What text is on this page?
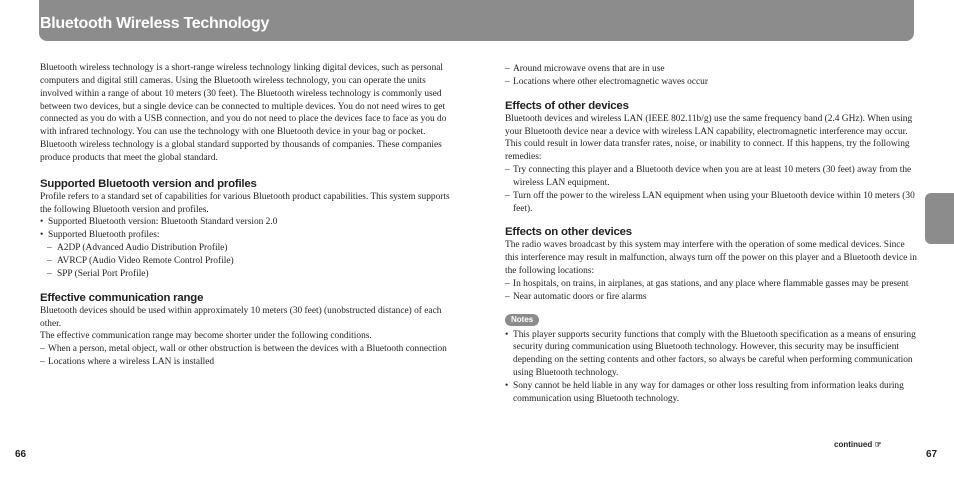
Bluetooth Wireless Technology

Bluetooth wireless technology is a short-range wireless technology linking digital devices, such as personal computers and digital still cameras. Using the Bluetooth wireless technology, you can operate the units involved within a range of about 10 meters (30 feet). The Bluetooth wireless technology is commonly used between two devices, but a single device can be connected to multiple devices. You do not need wires to get connected as you do with a USB connection, and you do not need to place the devices face to face as you do with infrared technology. You can use the technology with one Bluetooth device in your bag or pocket.

Bluetooth wireless technology is a global standard supported by thousands of companies. These companies produce products that meet the global standard.

Supported Bluetooth version and profiles

Profile refers to a standard set of capabilities for various Bluetooth product capabilities. This system supports the following Bluetooth version and profiles.

• Supported Bluetooth version: Bluetooth Standard version 2.0
• Supported Bluetooth profiles:
– A2DP (Advanced Audio Distribution Profile)
– AVRCP (Audio Video Remote Control Profile)
– SPP (Serial Port Profile)
Effective communication range

Bluetooth devices should be used within approximately 10 meters (30 feet) (unobstructed distance) of each other.

The effective communication range may become shorter under the following conditions.

– When a person, metal object, wall or other obstruction is between the devices with a Bluetooth connection
– Locations where a wireless LAN is installed
– Around microwave ovens that are in use
– Locations where other electromagnetic waves occur
Effects of other devices

Bluetooth devices and wireless LAN (IEEE 802.11b/g) use the same frequency band (2.4 GHz). When using your Bluetooth device near a device with wireless LAN capability, electromagnetic interference may occur. This could result in lower data transfer rates, noise, or inability to connect. If this happens, try the following remedies:

– Try connecting this player and a Bluetooth device when you are at least 10 meters (30 feet) away from the wireless LAN equipment.
– Turn off the power to the wireless LAN equipment when using your Bluetooth device within 10 meters (30 feet).
Effects on other devices

The radio waves broadcast by this system may interfere with the operation of some medical devices. Since this interference may result in malfunction, always turn off the power on this player and a Bluetooth device in the following locations:

– In hospitals, on trains, in airplanes, at gas stations, and any place where flammable gasses may be present
– Near automatic doors or fire alarms
Notes
• This player supports security functions that comply with the Bluetooth specification as a means of ensuring security during communication using Bluetooth technology. However, this security may be insufficient depending on the setting contents and other factors, so always be careful when performing communication using Bluetooth technology.
• Sony cannot be held liable in any way for damages or other loss resulting from information leaks during communication using Bluetooth technology.
Others
continued ☞
66	67
